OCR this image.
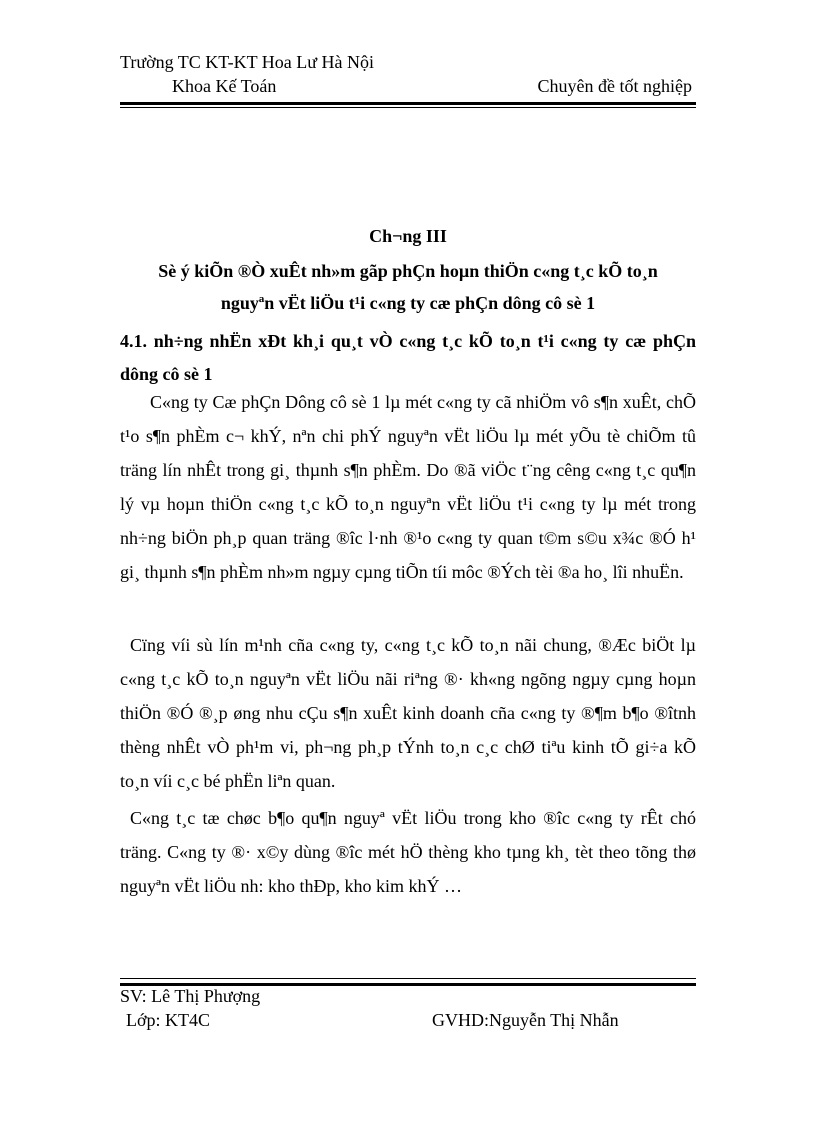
Trường TC KT-KT Hoa Lư Hà Nội
Khoa Kế Toán	Chuyên đề tốt nghiệp
Ch¬ng III
Sè ý kiÕn ®Ò xuÊt nh»m gãp phÇn hoµn thiÖn c«ng t¸c kÕ to¸n
nguyªn vËt liÖu t¹i c«ng ty cæ phÇn dông cô sè 1
4.1. nh÷ng nhËn xÐt kh¸i qu¸t vÒ c«ng t¸c kÕ to¸n t¹i c«ng ty cæ phÇn dông cô sè 1
C«ng ty Cæ phÇn Dông cô sè 1 lµ mét c«ng ty cã nhiÖm vô s¶n xuÊt, chÕ t¹o s¶n phÈm c¬ khÝ, nªn chi phÝ nguyªn vËt liÖu lµ mét yÕu tè chiÕm tû träng lín nhÊt trong gi¸ thµnh s¶n phÈm. Do ®ã viÖc t¨ng cêng c«ng t¸c qu¶n lý vµ hoµn thiÖn c«ng t¸c kÕ to¸n nguyªn vËt liÖu t¹i c«ng ty lµ mét trong nh÷ng biÖn ph¸p quan träng ®îc l·nh ®¹o c«ng ty quan t©m s©u x¾c ®Ó h¹ gi¸ thµnh s¶n phÈm nh»m ngµy cµng tiÕn tíi môc ®Ých tèi ®a ho¸ lîi nhuËn.
Cïng víi sù lín m¹nh cña c«ng ty, c«ng t¸c kÕ to¸n nãi chung, ®Æc biÖt lµ c«ng t¸c kÕ to¸n nguyªn vËt liÖu nãi riªng ®· kh«ng ngõng ngµy cµng hoµn thiÖn ®Ó ®¸p øng nhu cÇu s¶n xuÊt kinh doanh cña c«ng ty ®¶m b¶o ®îtnh thèng nhÊt vÒ ph¹m vi, ph¬ng ph¸p tÝnh to¸n c¸c chØ tiªu kinh tÕ gi÷a kÕ to¸n víi c¸c bé phËn liªn quan.
C«ng t¸c tæ chøc b¶o qu¶n nguyª vËt liÖu trong kho ®îc c«ng ty rÊt chó träng. C«ng ty ®· x©y dùng ®îc mét hÖ thèng kho tµng kh¸ tèt theo tõng thø nguyªn vËt liÖu nh: kho thÐp, kho kim khÝ …
SV: Lê Thị Phượng
Lớp: KT4C	GVHD:Nguyễn Thị Nhẫn
